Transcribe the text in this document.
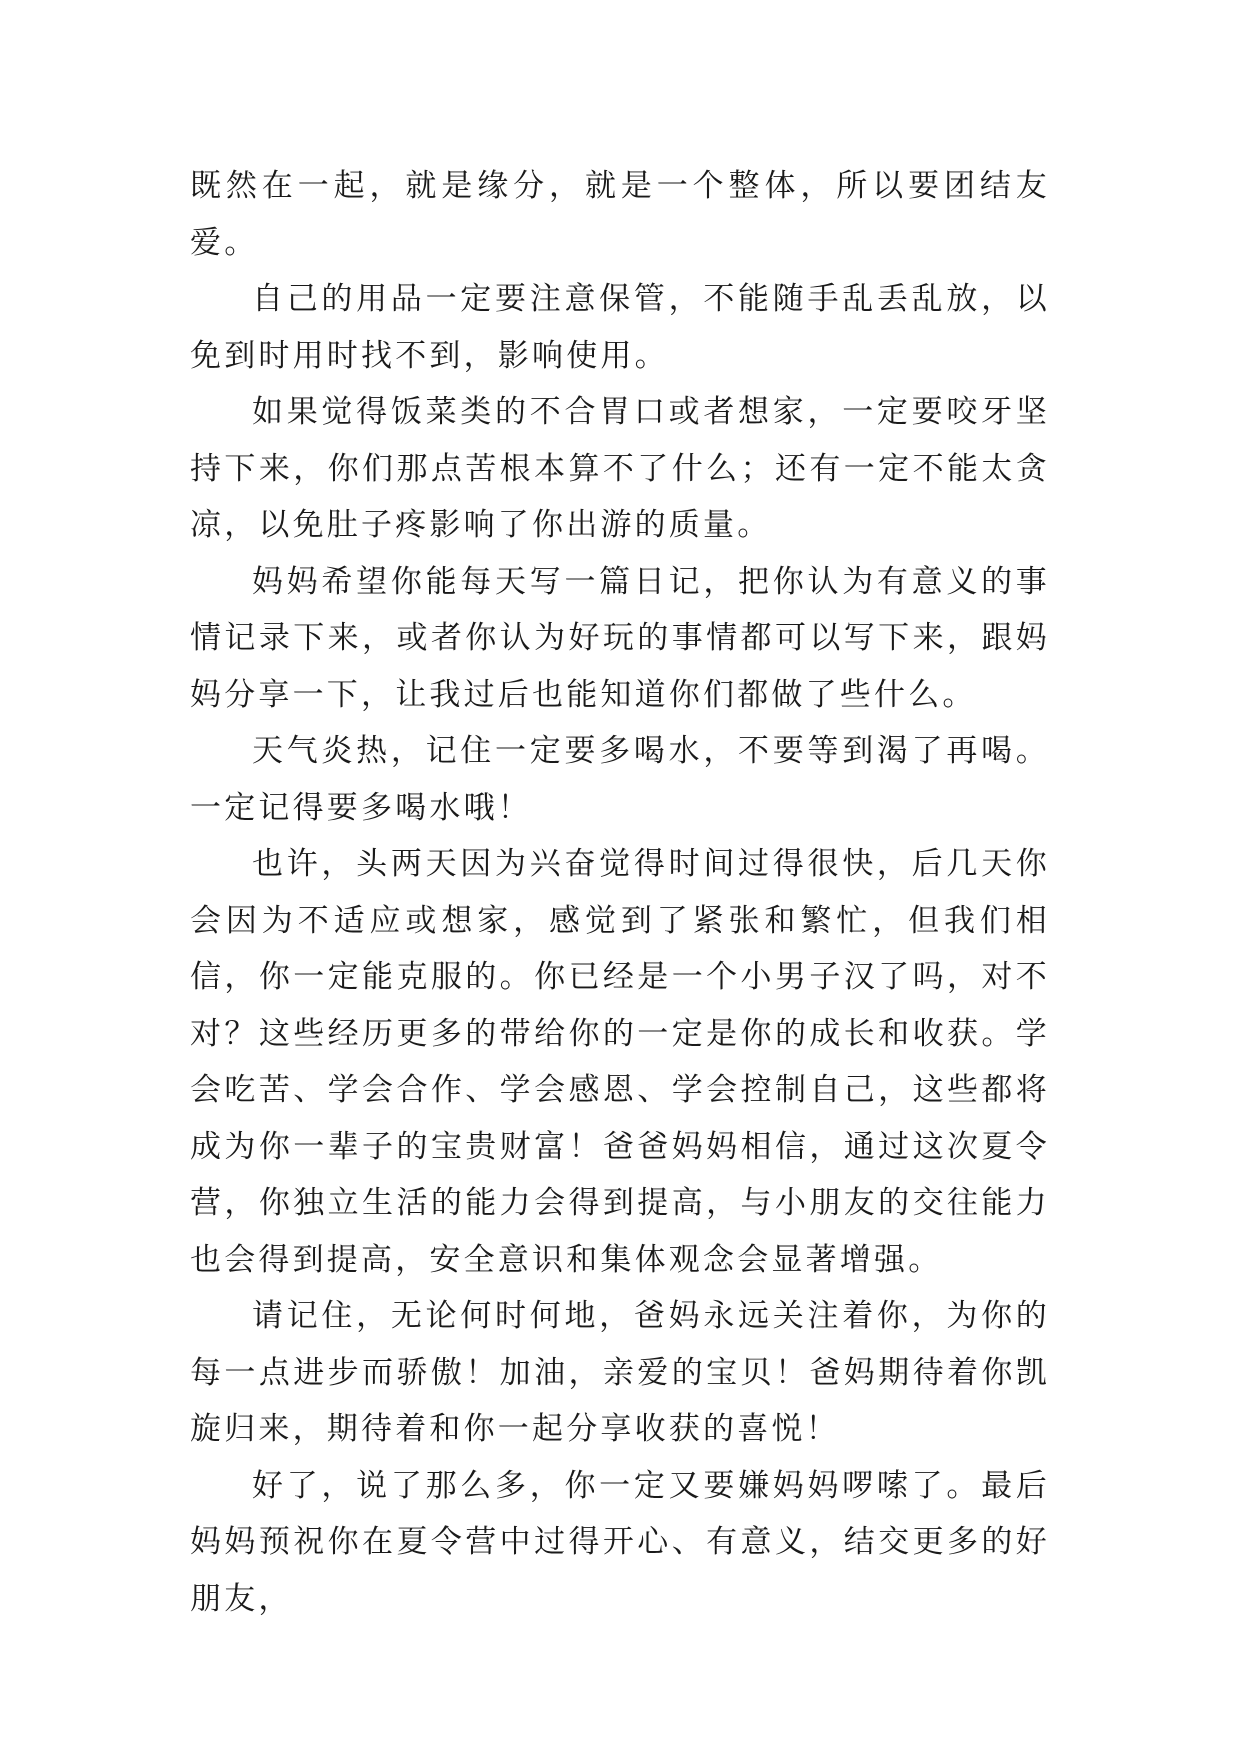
既然在一起，就是缘分，就是一个整体，所以要团结友爱。

自己的用品一定要注意保管，不能随手乱丢乱放，以免到时用时找不到，影响使用。

如果觉得饭菜类的不合胃口或者想家，一定要咬牙坚持下来，你们那点苦根本算不了什么；还有一定不能太贪凉，以免肚子疼影响了你出游的质量。

妈妈希望你能每天写一篇日记，把你认为有意义的事情记录下来，或者你认为好玩的事情都可以写下来，跟妈妈分享一下，让我过后也能知道你们都做了些什么。

天气炎热，记住一定要多喝水，不要等到渴了再喝。一定记得要多喝水哦！

也许，头两天因为兴奋觉得时间过得很快，后几天你会因为不适应或想家，感觉到了紧张和繁忙，但我们相信，你一定能克服的。你已经是一个小男子汉了吗，对不对？这些经历更多的带给你的一定是你的成长和收获。学会吃苦、学会合作、学会感恩、学会控制自己，这些都将成为你一辈子的宝贵财富！爸爸妈妈相信，通过这次夏令营，你独立生活的能力会得到提高，与小朋友的交往能力也会得到提高，安全意识和集体观念会显著增强。

请记住，无论何时何地，爸妈永远关注着你，为你的每一点进步而骄傲！加油，亲爱的宝贝！爸妈期待着你凯旋归来，期待着和你一起分享收获的喜悦！

好了，说了那么多，你一定又要嫌妈妈啰嗦了。最后妈妈预祝你在夏令营中过得开心、有意义，结交更多的好朋友，
